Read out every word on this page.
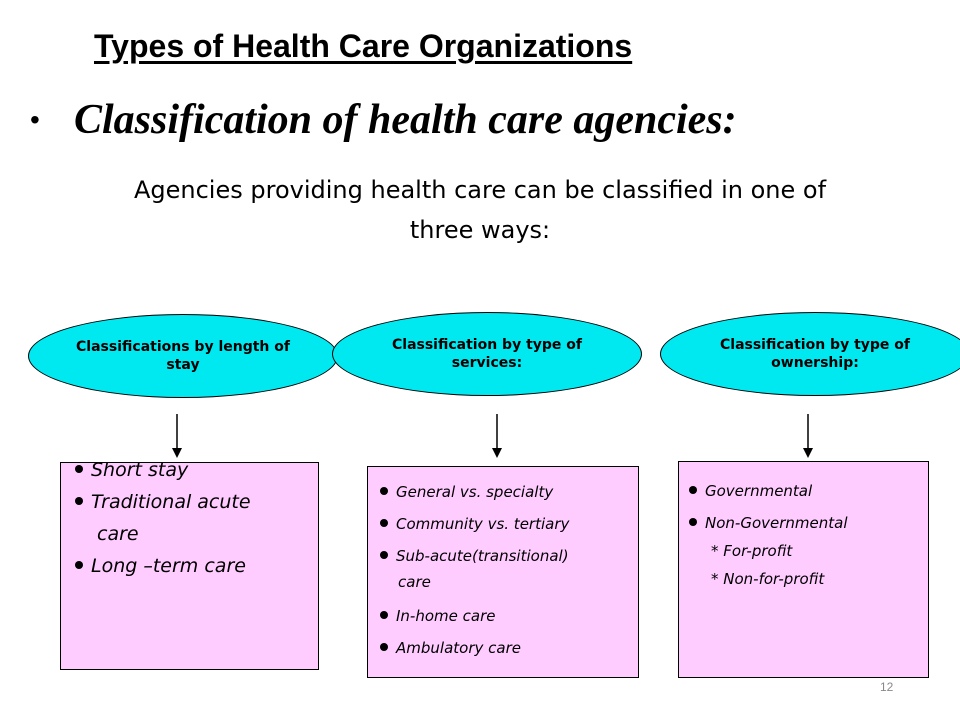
Types of Health Care Organizations
• Classification of health care agencies:
Agencies providing health care can be classified in one of
three ways:
Classifications by length of
stay
Classification by type of
services:
Classification by type of
ownership:
Short stay
Traditional acute
care
Long –term care
General vs. specialty
Community vs. tertiary
Sub-acute(transitional)
care
In-home care
Ambulatory care
Governmental
Non-Governmental
* For-profit
* Non-for-profit
12
